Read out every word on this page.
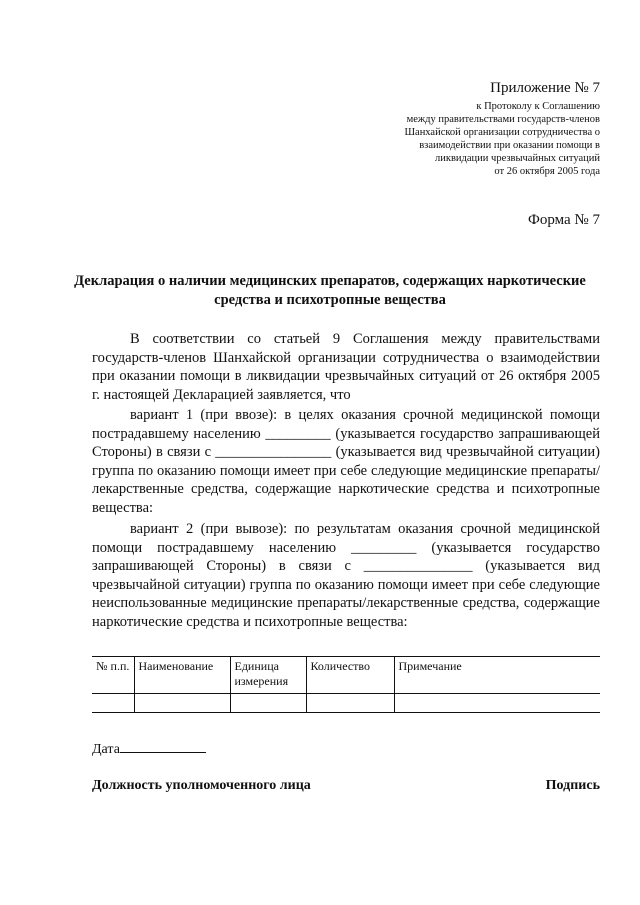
Приложение № 7
к Протоколу к Соглашению
между правительствами государств-членов
Шанхайской организации сотрудничества о
взаимодействии при оказании помощи в
ликвидации чрезвычайных ситуаций
от 26 октября 2005 года
Форма № 7
Декларация о наличии медицинских препаратов, содержащих наркотические средства и психотропные вещества

В соответствии со статьей 9 Соглашения между правительствами государств-членов Шанхайской организации сотрудничества о взаимодействии при оказании помощи в ликвидации чрезвычайных ситуаций от 26 октября 2005 г. настоящей Декларацией заявляется, что

вариант 1 (при ввозе): в целях оказания срочной медицинской помощи пострадавшему населению _________ (указывается государство запрашивающей Стороны) в связи с ________________ (указывается вид чрезвычайной ситуации) группа по оказанию помощи имеет при себе следующие медицинские препараты/лекарственные средства, содержащие наркотические средства и психотропные вещества:

вариант 2 (при вывозе): по результатам оказания срочной медицинской помощи пострадавшему населению _________ (указывается государство запрашивающей Стороны) в связи с _______________ (указывается вид чрезвычайной ситуации) группа по оказанию помощи имеет при себе следующие неиспользованные медицинские препараты/лекарственные средства, содержащие наркотические средства и психотропные вещества:

№ п.п.	Наименование	Единица измерения	Количество	Примечание

Дата
Должность уполномоченного лица	Подпись
